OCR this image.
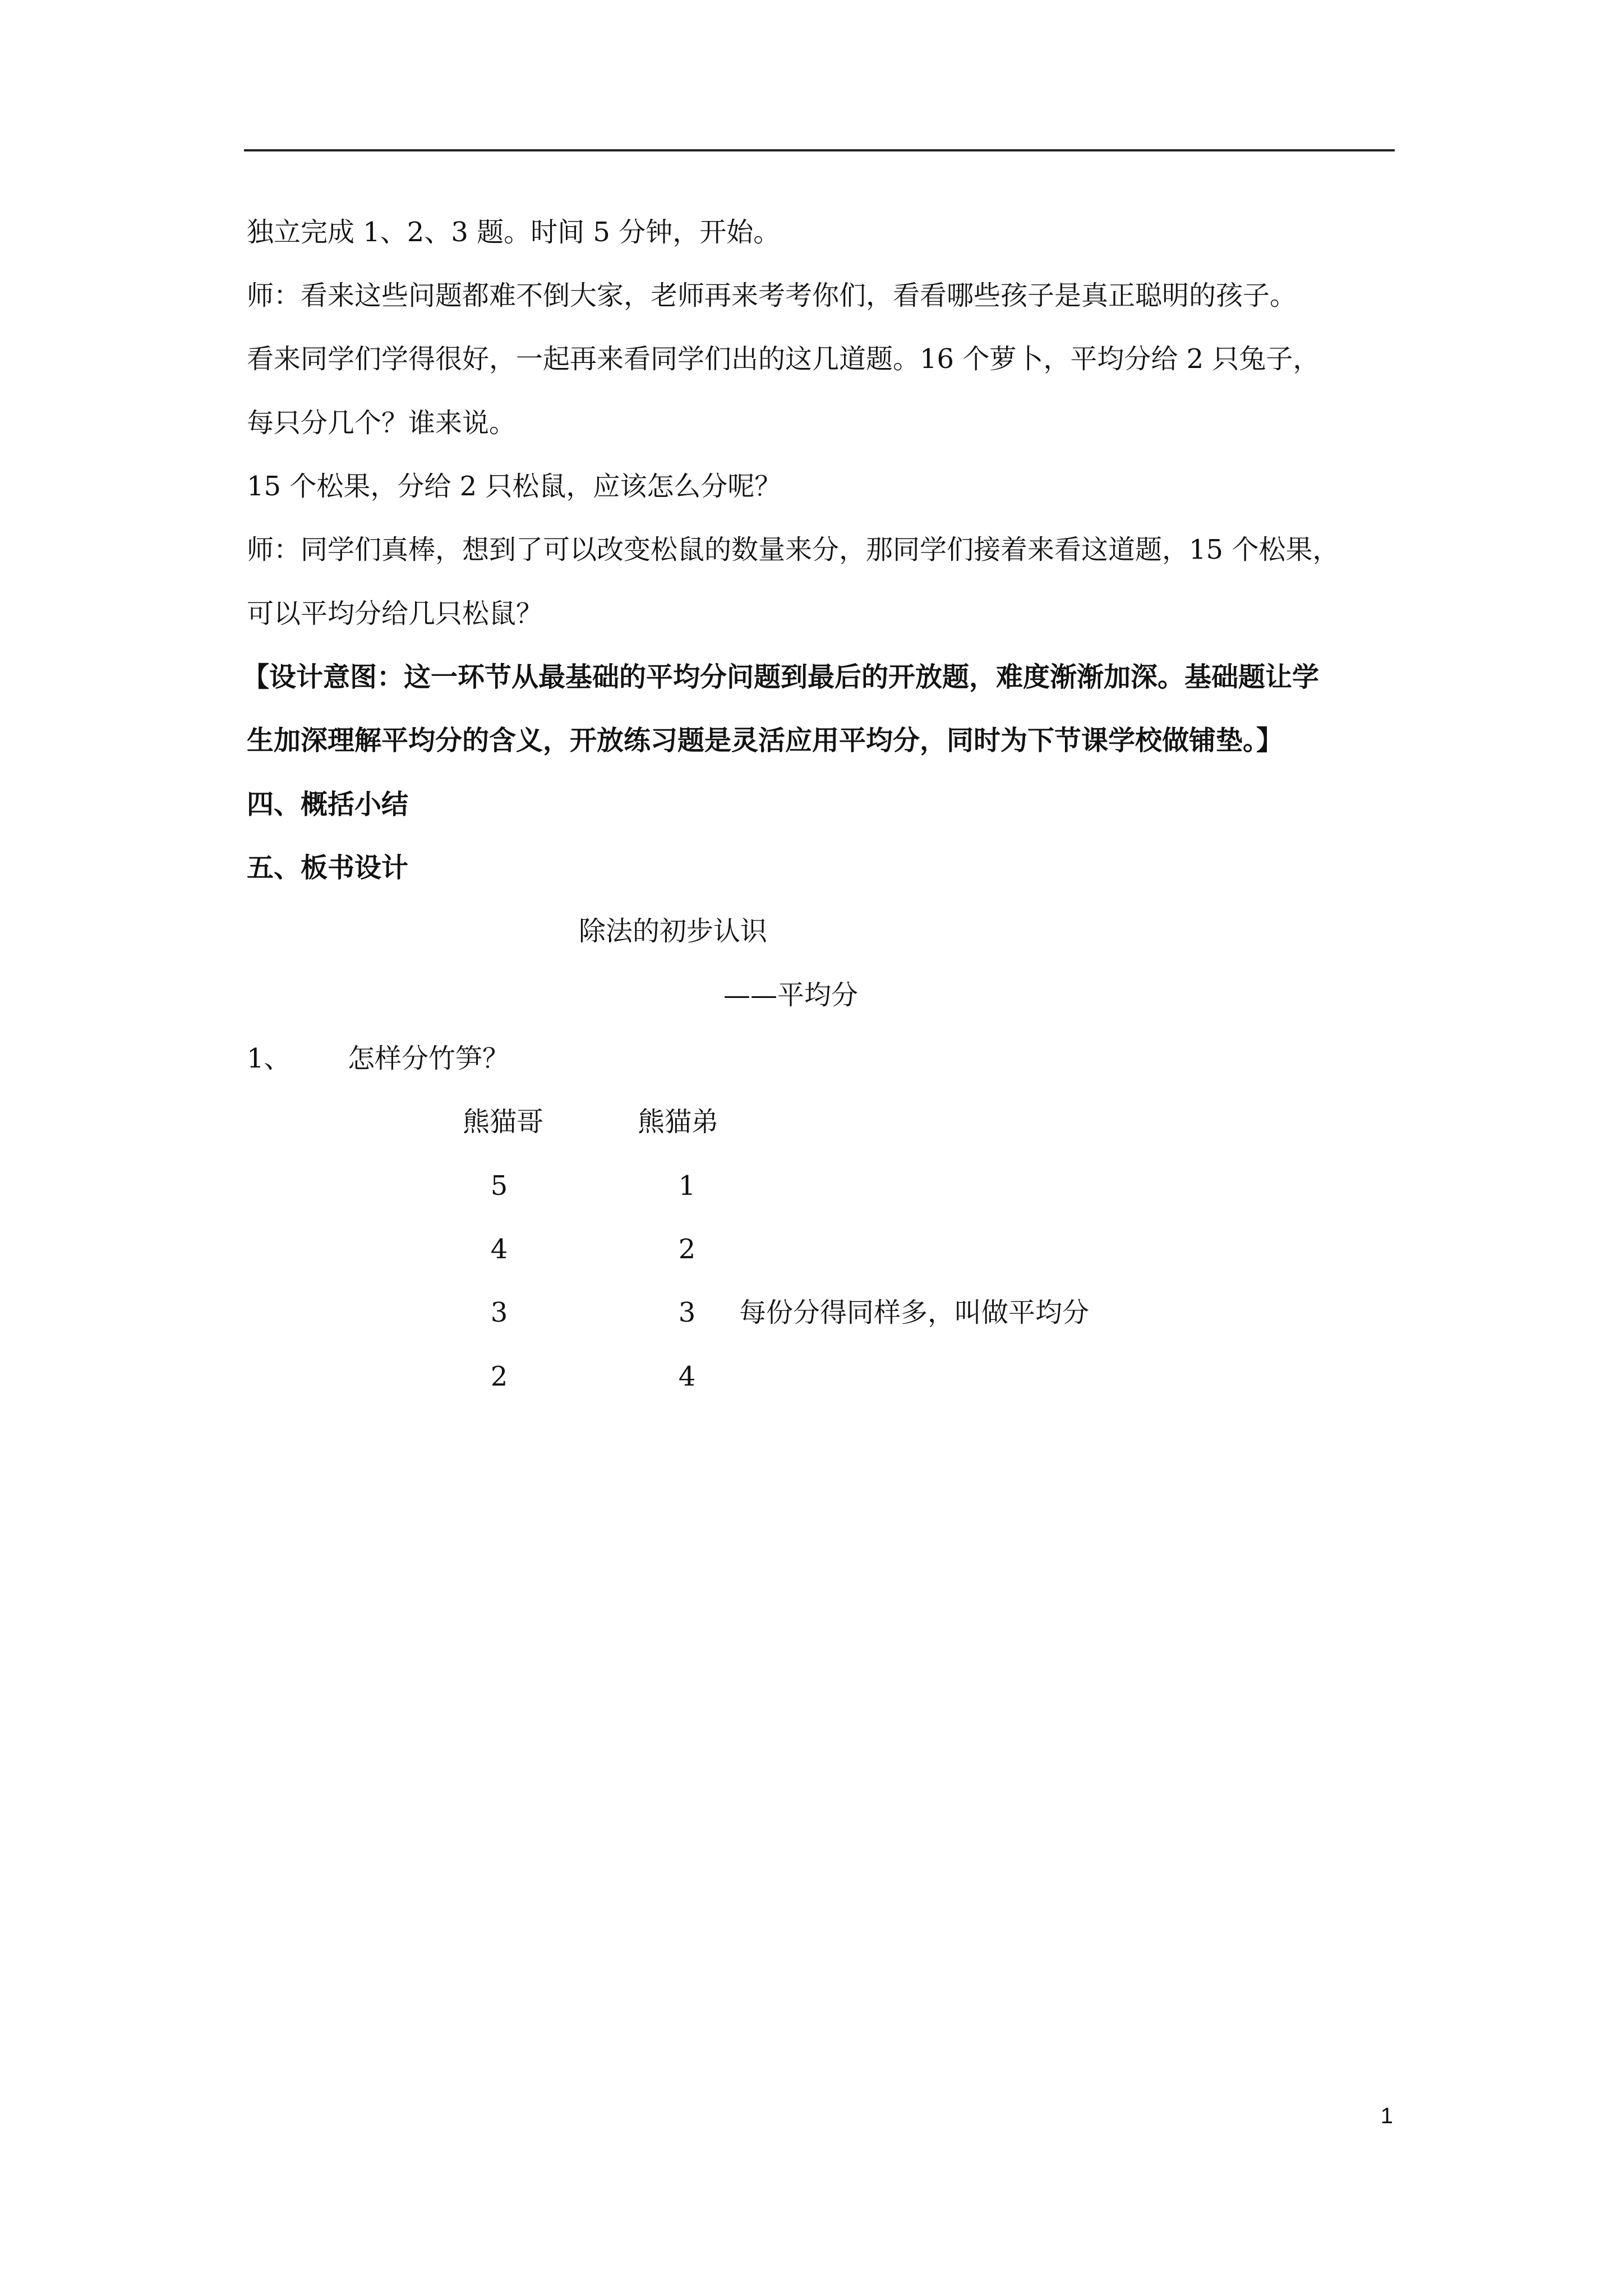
独立完成 1、2、3 题。时间 5 分钟，开始。
师：看来这些问题都难不倒大家，老师再来考考你们，看看哪些孩子是真正聪明的孩子。
看来同学们学得很好，一起再来看同学们出的这几道题。16 个萝卜，平均分给 2 只兔子，
每只分几个？谁来说。
15 个松果，分给 2 只松鼠，应该怎么分呢？
师：同学们真棒，想到了可以改变松鼠的数量来分，那同学们接着来看这道题，15 个松果，
可以平均分给几只松鼠？
【设计意图：这一环节从最基础的平均分问题到最后的开放题，难度渐渐加深。基础题让学
生加深理解平均分的含义，开放练习题是灵活应用平均分，同时为下节课学校做铺垫。】
四、概括小结
五、板书设计
除法的初步认识
——平均分
1、 怎样分竹笋？
熊猫哥	熊猫弟
5	1
4	2
3	3	每份分得同样多，叫做平均分
2	4
1
